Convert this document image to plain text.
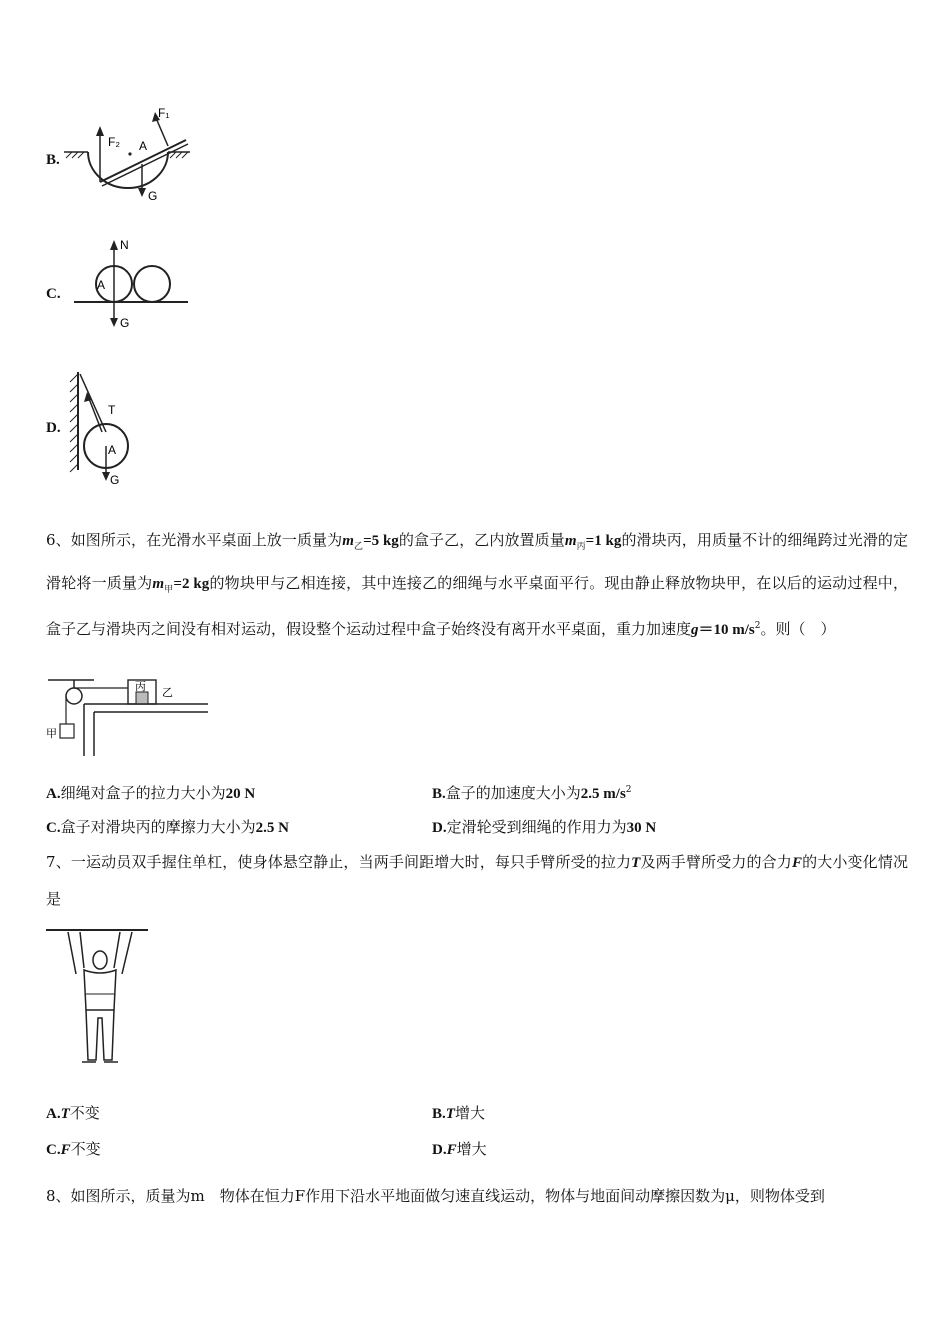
B.
F₂
F₁
A
G
C.
N
A
G
D.
T
A
G
6、如图所示，在光滑水平桌面上放一质量为$m_乙=5$ kg的盒子乙，乙内放置质量$m_丙=1$ kg的滑块丙，用质量不计的细绳跨过光滑的定滑轮将一质量为$m_甲=2$ kg的物块甲与乙相连接，其中连接乙的细绳与水平桌面平行。现由静止释放物块甲，在以后的运动过程中，盒子乙与滑块丙之间没有相对运动，假设整个运动过程中盒子始终没有离开水平桌面，重力加速度g＝10 $m/s^2$。则（　）
甲
丙 乙
A.细绳对盒子的拉力大小为20 N	B.盒子的加速度大小为2.5 $m/s^2$
C.盒子对滑块丙的摩擦力大小为2.5 N	D.定滑轮受到细绳的作用力为30 N
7、一运动员双手握住单杠，使身体悬空静止，当两手间距增大时，每只手臂所受的拉力T及两手臂所受力的合力F的大小变化情况是
A.T不变	B.T增大
C.F不变	D.F增大
8、如图所示，质量为m　物体在恒力F作用下沿水平地面做匀速直线运动，物体与地面间动摩擦因数为μ，则物体受到
